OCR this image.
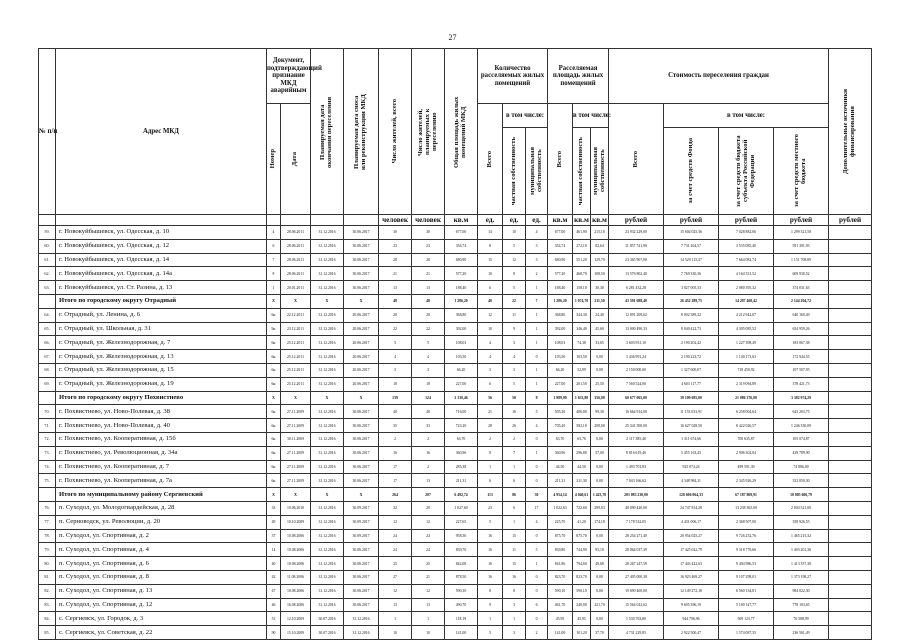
27
№ п/п	Адрес МКД	Документ, подтверждающий признание МКД аварийным		Планируемая дата окончания переселения	Планируемая дата сноса или реконструкции МКД	Число жителей, всего	Число жителей, планируемых к переселению	Общая площадь жилых помещений МКД	Количество расселяемых жилых помещений			Расселяемая площадь жилых помещений			Стоимость переселения граждан				Дополнительные источники финансирования

		Номер	Дата						Всего	в том числе:		Всего	в том числе:		Всего	в том числе:			

										частная собственность	муниципальная собственность		частная собственность	муниципальная собственность		за счет средств Фонда	за счет средств бюджета субъекта Российской Федерации	за счет средств местного бюджета	

						человек	человек	кв.м	ед.	ед.	ед.	кв.м	кв.м	кв.м	рублей	рублей	рублей	рублей	рублей
59.	г. Новокуйбышевск, ул. Одесская, д. 10	4	28.06.2011	31.12.2016	30.06.2017	30	30	677,00	14	10	4	677,00	461,90	215,10	23 932 229,00	15 604 025,36	7 028 882,06	1 299 321,58	
60.	г. Новокуйбышевск, ул. Одесская, д. 12	6	28.06.2011	31.12.2016	30.06.2017	23	23	354,74	8	5	3	354,74	272,10	82,64	11 857 741,90	7 731 264,57	3 535 085,40	591 391,93	
61.	г. Новокуйбышевск, ул. Одесская, д. 14	7	28.06.2011	31.12.2016	30.06.2017	28	28	680,90	15	12	3	680,90	551,20	129,70	23 365 907,00	14 529 115,37	7 664 082,74	1 151 708,89	
62.	г. Новокуйбышевск, ул. Одесская, д. 14а	8	28.06.2011	31.12.2016	30.06.2017	21	21	577,20	10	8	2	577,20	468,70	108,50	13 576 802,40	7 769 330,36	4 164 531,52	609 930,52	
63.	г. Новокуйбышевск, ул. Ст. Разина, д. 13	1	20.01.2011	31.12.2016	30.06.2017	13	13	188,40	6	5	1	188,40	158,10	30,30	6 281 432,28	3 827 005,33	2 080 395,32	374 031,63	
	Итого по городскому округу Отрадный	X	X	X	X	48	48	1 286,20	40	22	7	1 286,20	1 074,70	211,50	43 591 688,40	26 452 289,75	14 287 468,42	2 144 204,72	
64.	г. Отрадный, ул. Ленина, д. 6	6н	22.12.2011	31.12.2016	20.06.2017	20	20	368,80	12	11	1	368,80	344,30	24,40	12 091 209,62	8 002 389,32	4 212 942,07	640 160,49	
65.	г. Отрадный, ул. Школьная, д. 31	9н	23.12.2011	31.12.2016	20.06.2017	22	22	392,00	10	9	1	392,00	346,40	45,60	13 000 490,33	8 040 422,73	4 305 085,52	654 959,26	
66.	г. Отрадный, ул. Железнодорожная, д. 7	6н	25.12.2011	31.12.2016	20.06.2017	5	5	108,03	4	3	1	108,03	74,38	33,65	3 603 931,10	2 190 202,42	1 227 398,49	183 067,38	
67.	г. Отрадный, ул. Железнодорожная, д. 13	6н	25.12.2011	31.12.2016	20.06.2017	4	4	103,50	4	4	0	103,50	103,50	0,00	3 436 991,24	2 190 223,72	1 140 173,63	172 944,55	
68.	г. Отрадный, ул. Железнодорожная, д. 15	6н	25.12.2011	31.12.2016	20.06.2017	3	3	66,20	3	3	1	66,20	52,99	0,00	2 150 000,00	1 327 600,07	718 450,92	107 507,95	
69.	г. Отрадный, ул. Железнодорожная, д. 19	6н	25.12.2011	31.12.2016	20.06.2017	18	18	227,00	6	5	1	227,00	201,50	25,50	7 560 524,00	4 603 117,77	2 319 094,89	378 421,73	
	Итого по городскому округу Похвистнево	X	X	X	X	139	124	2 330,46	56	50	8	1 989,90	1 633,80	356,00	60 677 065,00	39 109 695,00	21 086 376,00	3 382 974,29	
70.	г. Похвистнево, ул. Ново-Полевая, д. 38	6н	27.11.2009	31.12.2016	30.06.2017	40	40	716,00	21	16	5	505,30	406,00	99,30	16 664 914,00	11 153 033,91	6 258 004,64	643 203,75	
71.	г. Похвистнево, ул. Ново-Полевая, д. 40	6н	27.11.2009	31.12.2016	30.06.2017	35	33	723,20	28	26	4	705,20	582,10	208,00	25 341 500,00	16 627 028,50	8 422 026,57	1 246 330,09	
72.	г. Похвистнево, ул. Кооперативная, д. 15б	6н	30.11.2009	31.12.2016	30.06.2017	2	2	63,70	2	2	0	63,70	63,70	0,00	2 117 385,40	1 311 674,66	700 635,87	105 074,87	
73.	г. Похвистнево, ул. Революционная, д. 34а	6н	27.11.2009	31.12.2016	30.06.2017	16	16	360,96	8	7	1	360,96	296,80	57,00	8 816 619,46	5 455 163,45	2 906 302,04	439 789,90	
74.	г. Похвистнево, ул. Кооперативная, д. 7	6н	27.11.2009	31.12.2016	30.06.2017	17	2	285,38	1	1	0	44,50	44,50	0,00	1 493 701,83	925 074,24	499 591,39	74 886,00	
75.	г. Похвистнево, ул. Кооперативная, д. 7а	6н	27.11.2009	31.12.2016	30.06.2017	17	13	211,31	6	6	0	211,31	211,30	0,00	7 043 166,62	4 348 984,11	2 345 926,29	352 050,30	
	Итого по муниципальному району Сергиевский	X	X	X	X	264	207	6 492,74	113	86	30	4 954,14	4 040,61	1 423,70	201 083 230,00	126 606 064,33	67 187 869,91	10 005 606,79	
76.	п. Суходол, ул. Молодогвардейская, д. 28	33	10.06.2010	31.12.2016	30.09.2017	32	29	1 027,60	23	6	17	1 022,63	722,60	299,03	40 090 420,00	24 747 814,28	13 238 365,00	2 004 521,00	
77.	п. Серноводск, ул. Революции, д. 20	49	10.10.2009	31.12.2016	30.09.2017	12	12	227,65	5	1	4	225,70	41,20	174,18	7 178 532,05	4 431 006,17	2 368 507,00	358 926,55	
78.	п. Суходол, ул. Спортивная, д. 2	37	10.08.2006	31.12.2016	30.09.2017	24	24	958,50	16	15	0	875,70	875,70	0,00	28 254 271,40	20 954 025,27	9 726 252,76	1 465 215,32	
79.	п. Суходол, ул. Спортивная, д. 4	14	10.08.2006	31.12.2016	30.06.2017	24	24	839,70	16	11	5	839,80	744,90	95,10	28 064 037,39	17 425 022,79	9 318 770,66	1 403 201,36	
80.	п. Суходол, ул. Спортивная, д. 6	40	10.08.2006	31.12.2016	30.06.2017	25	25	842,08	16	15	1	841,86	794,60	49,68	28 267 247,59	17 443 422,63	9 404 986,53	1 413 357,38	
81.	п. Суходол, ул. Спортивная, д. 8	42	11.08.2006	31.12.2016	30.06.2017	27	21	878,50	16	16	0	823,70	823,70	0,00	27 405 000,38	16 923 469,27	9 107 298,01	1 373 198,27	
82.	п. Суходол, ул. Спортивная, д. 13	47	18.08.2006	31.12.2016	30.06.2017	12	12	590,10	8	8	0	590,10	590,10	0,00	19 690 400,00	12 149 272,18	6 560 134,81	984 022,30	
83.	п. Суходол, ул. Спортивная, д. 12	46	16.08.2006	31.12.2016	30.06.2017	13	13	490,70	9	3	6	461,70	240,00	221,70	15 564 022,62	9 605 396,19	5 180 147,77	778 103,65	
84.	с. Сергиевск, ул. Городок, д. 3	51	12.10.2009	30.07.2016	31.12.2016	1	1	118,19	1	1	0	45,95	45,95	0,00	1 530 763,80	944 706,96	509 123,77	76 588,99	
85.	с. Сергиевск, ул. Советская, д. 22	90	15.10.2009	30.07.2016	31.12.2016	10	10	141,00	5	3	2	141,00	101,20	37,70	4 731 229,85	2 922 500,47	1 574 087,35	236 561,49	
